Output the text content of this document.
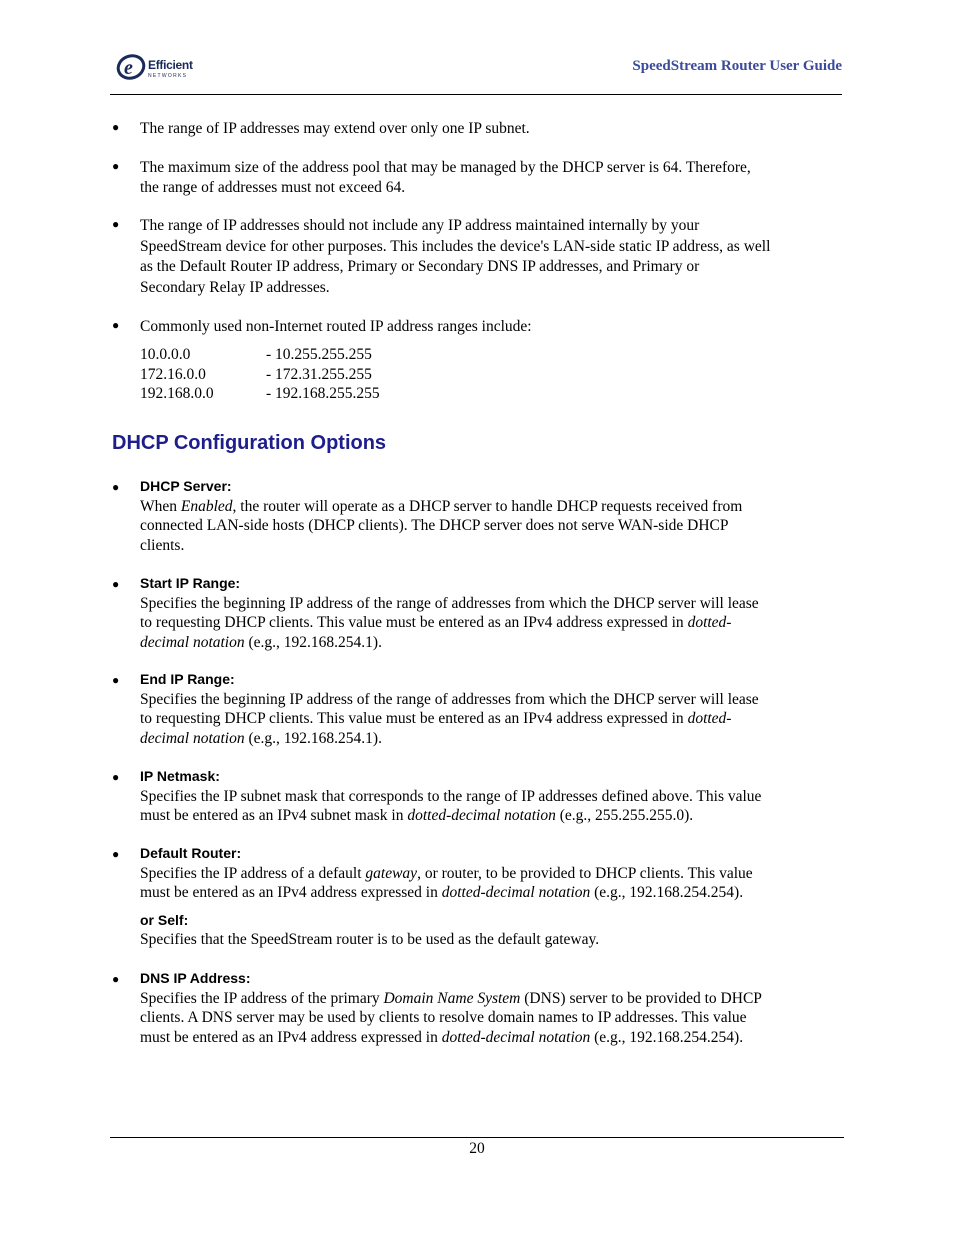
e Efficient
NETWORKS
SpeedStream Router User Guide
● The range of IP addresses may extend over only one IP subnet.
● The maximum size of the address pool that may be managed by the DHCP server is 64. Therefore,
the range of addresses must not exceed 64.
● The range of IP addresses should not include any IP address maintained internally by your
SpeedStream device for other purposes. This includes the device's LAN-side static IP address, as well
as the Default Router IP address, Primary or Secondary DNS IP addresses, and Primary or
Secondary Relay IP addresses.
● Commonly used non-Internet routed IP address ranges include:
10.0.0.0	- 10.255.255.255
172.16.0.0	- 172.31.255.255
192.168.0.0	- 192.168.255.255
DHCP Configuration Options
● DHCP Server:
When Enabled, the router will operate as a DHCP server to handle DHCP requests received from
connected LAN-side hosts (DHCP clients). The DHCP server does not serve WAN-side DHCP
clients.
● Start IP Range:
Specifies the beginning IP address of the range of addresses from which the DHCP server will lease
to requesting DHCP clients. This value must be entered as an IPv4 address expressed in dotted-
decimal notation (e.g., 192.168.254.1).
● End IP Range:
Specifies the beginning IP address of the range of addresses from which the DHCP server will lease
to requesting DHCP clients. This value must be entered as an IPv4 address expressed in dotted-
decimal notation (e.g., 192.168.254.1).
● IP Netmask:
Specifies the IP subnet mask that corresponds to the range of IP addresses defined above. This value
must be entered as an IPv4 subnet mask in dotted-decimal notation (e.g., 255.255.255.0).
● Default Router:
Specifies the IP address of a default gateway, or router, to be provided to DHCP clients. This value
must be entered as an IPv4 address expressed in dotted-decimal notation (e.g., 192.168.254.254).
or Self:
Specifies that the SpeedStream router is to be used as the default gateway.
● DNS IP Address:
Specifies the IP address of the primary Domain Name System (DNS) server to be provided to DHCP
clients. A DNS server may be used by clients to resolve domain names to IP addresses. This value
must be entered as an IPv4 address expressed in dotted-decimal notation (e.g., 192.168.254.254).
20
